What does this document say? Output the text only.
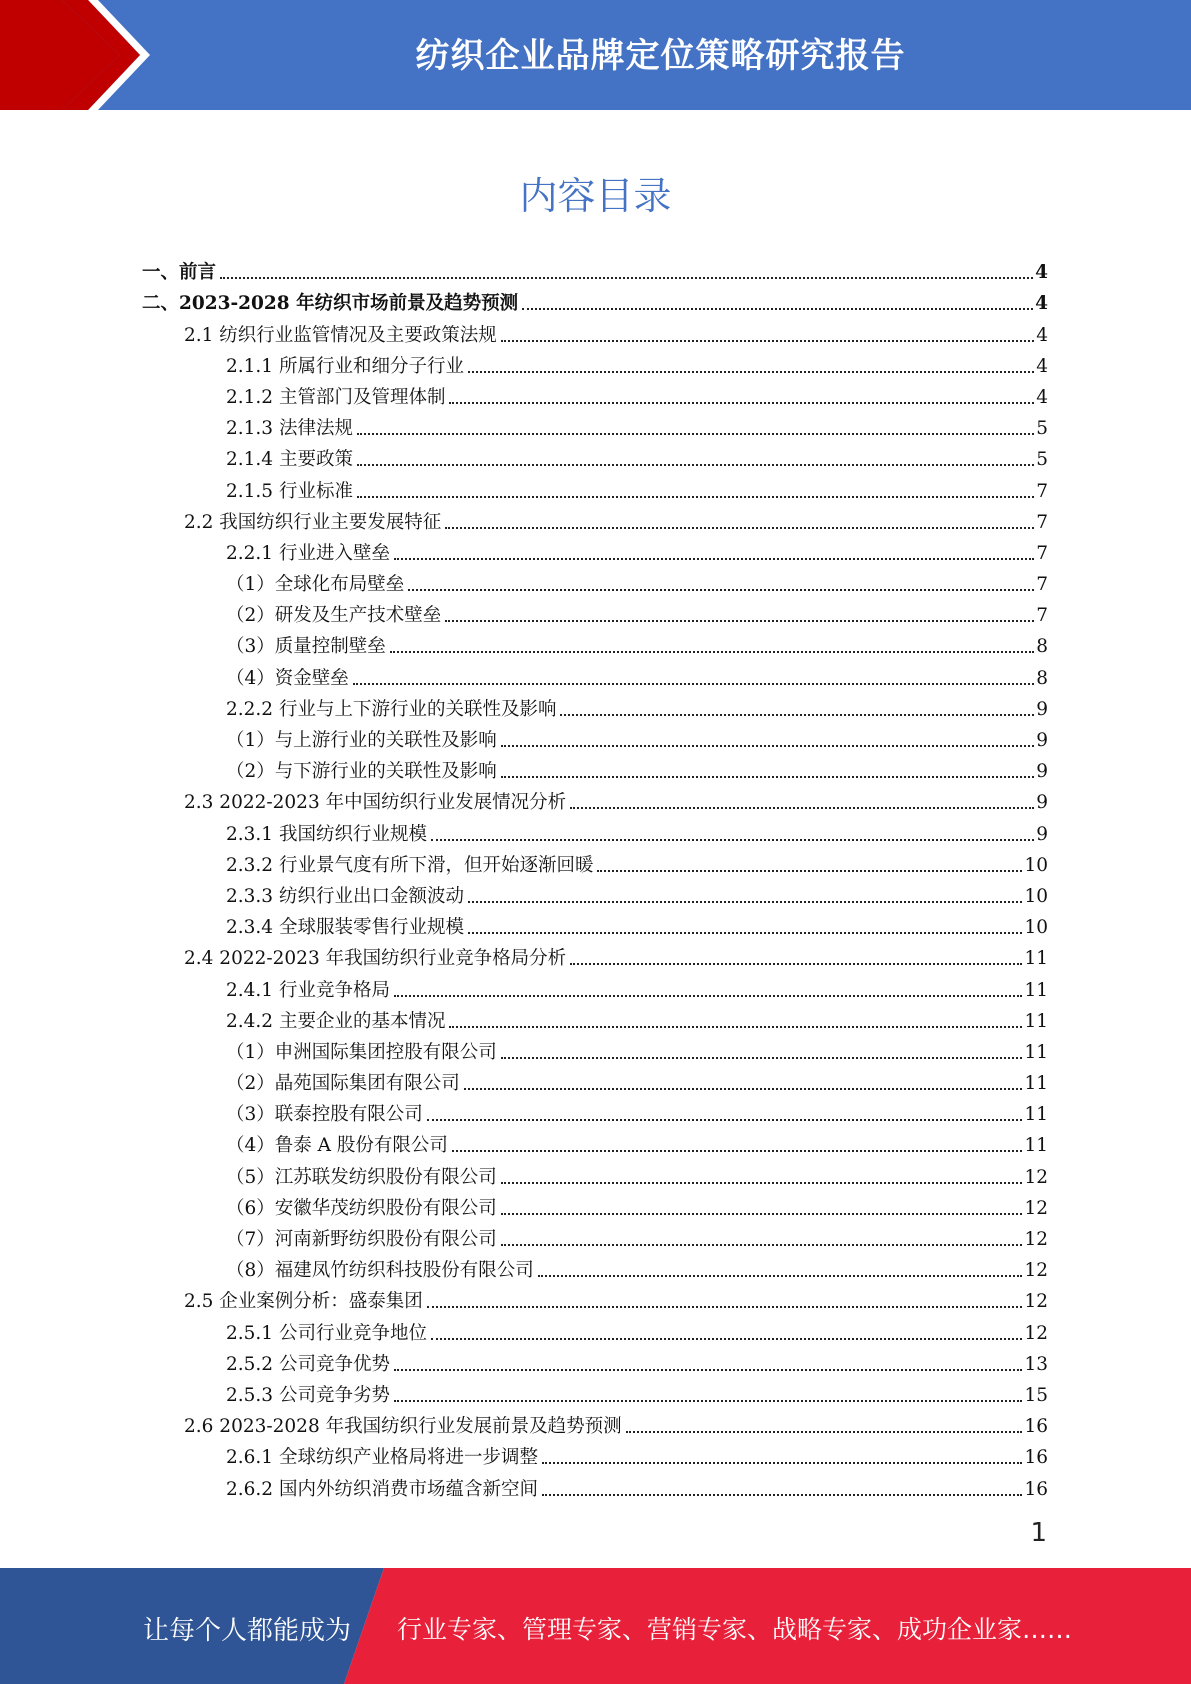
纺织企业品牌定位策略研究报告
内容目录
一、前言	4
二、2023-2028 年纺织市场前景及趋势预测	4
2.1 纺织行业监管情况及主要政策法规	4
2.1.1 所属行业和细分子行业	4
2.1.2 主管部门及管理体制	4
2.1.3 法律法规	5
2.1.4 主要政策	5
2.1.5 行业标准	7
2.2 我国纺织行业主要发展特征	7
2.2.1 行业进入壁垒	7
（1）全球化布局壁垒	7
（2）研发及生产技术壁垒	7
（3）质量控制壁垒	8
（4）资金壁垒	8
2.2.2 行业与上下游行业的关联性及影响	9
（1）与上游行业的关联性及影响	9
（2）与下游行业的关联性及影响	9
2.3 2022-2023 年中国纺织行业发展情况分析	9
2.3.1 我国纺织行业规模	9
2.3.2 行业景气度有所下滑，但开始逐渐回暖	10
2.3.3 纺织行业出口金额波动	10
2.3.4 全球服装零售行业规模	10
2.4 2022-2023 年我国纺织行业竞争格局分析	11
2.4.1 行业竞争格局	11
2.4.2 主要企业的基本情况	11
（1）申洲国际集团控股有限公司	11
（2）晶苑国际集团有限公司	11
（3）联泰控股有限公司	11
（4）鲁泰 A 股份有限公司	11
（5）江苏联发纺织股份有限公司	12
（6）安徽华茂纺织股份有限公司	12
（7）河南新野纺织股份有限公司	12
（8）福建凤竹纺织科技股份有限公司	12
2.5 企业案例分析：盛泰集团	12
2.5.1 公司行业竞争地位	12
2.5.2 公司竞争优势	13
2.5.3 公司竞争劣势	15
2.6 2023-2028 年我国纺织行业发展前景及趋势预测	16
2.6.1 全球纺织产业格局将进一步调整	16
2.6.2 国内外纺织消费市场蕴含新空间	16
1
让每个人都能成为 行业专家、管理专家、营销专家、战略专家、成功企业家……
